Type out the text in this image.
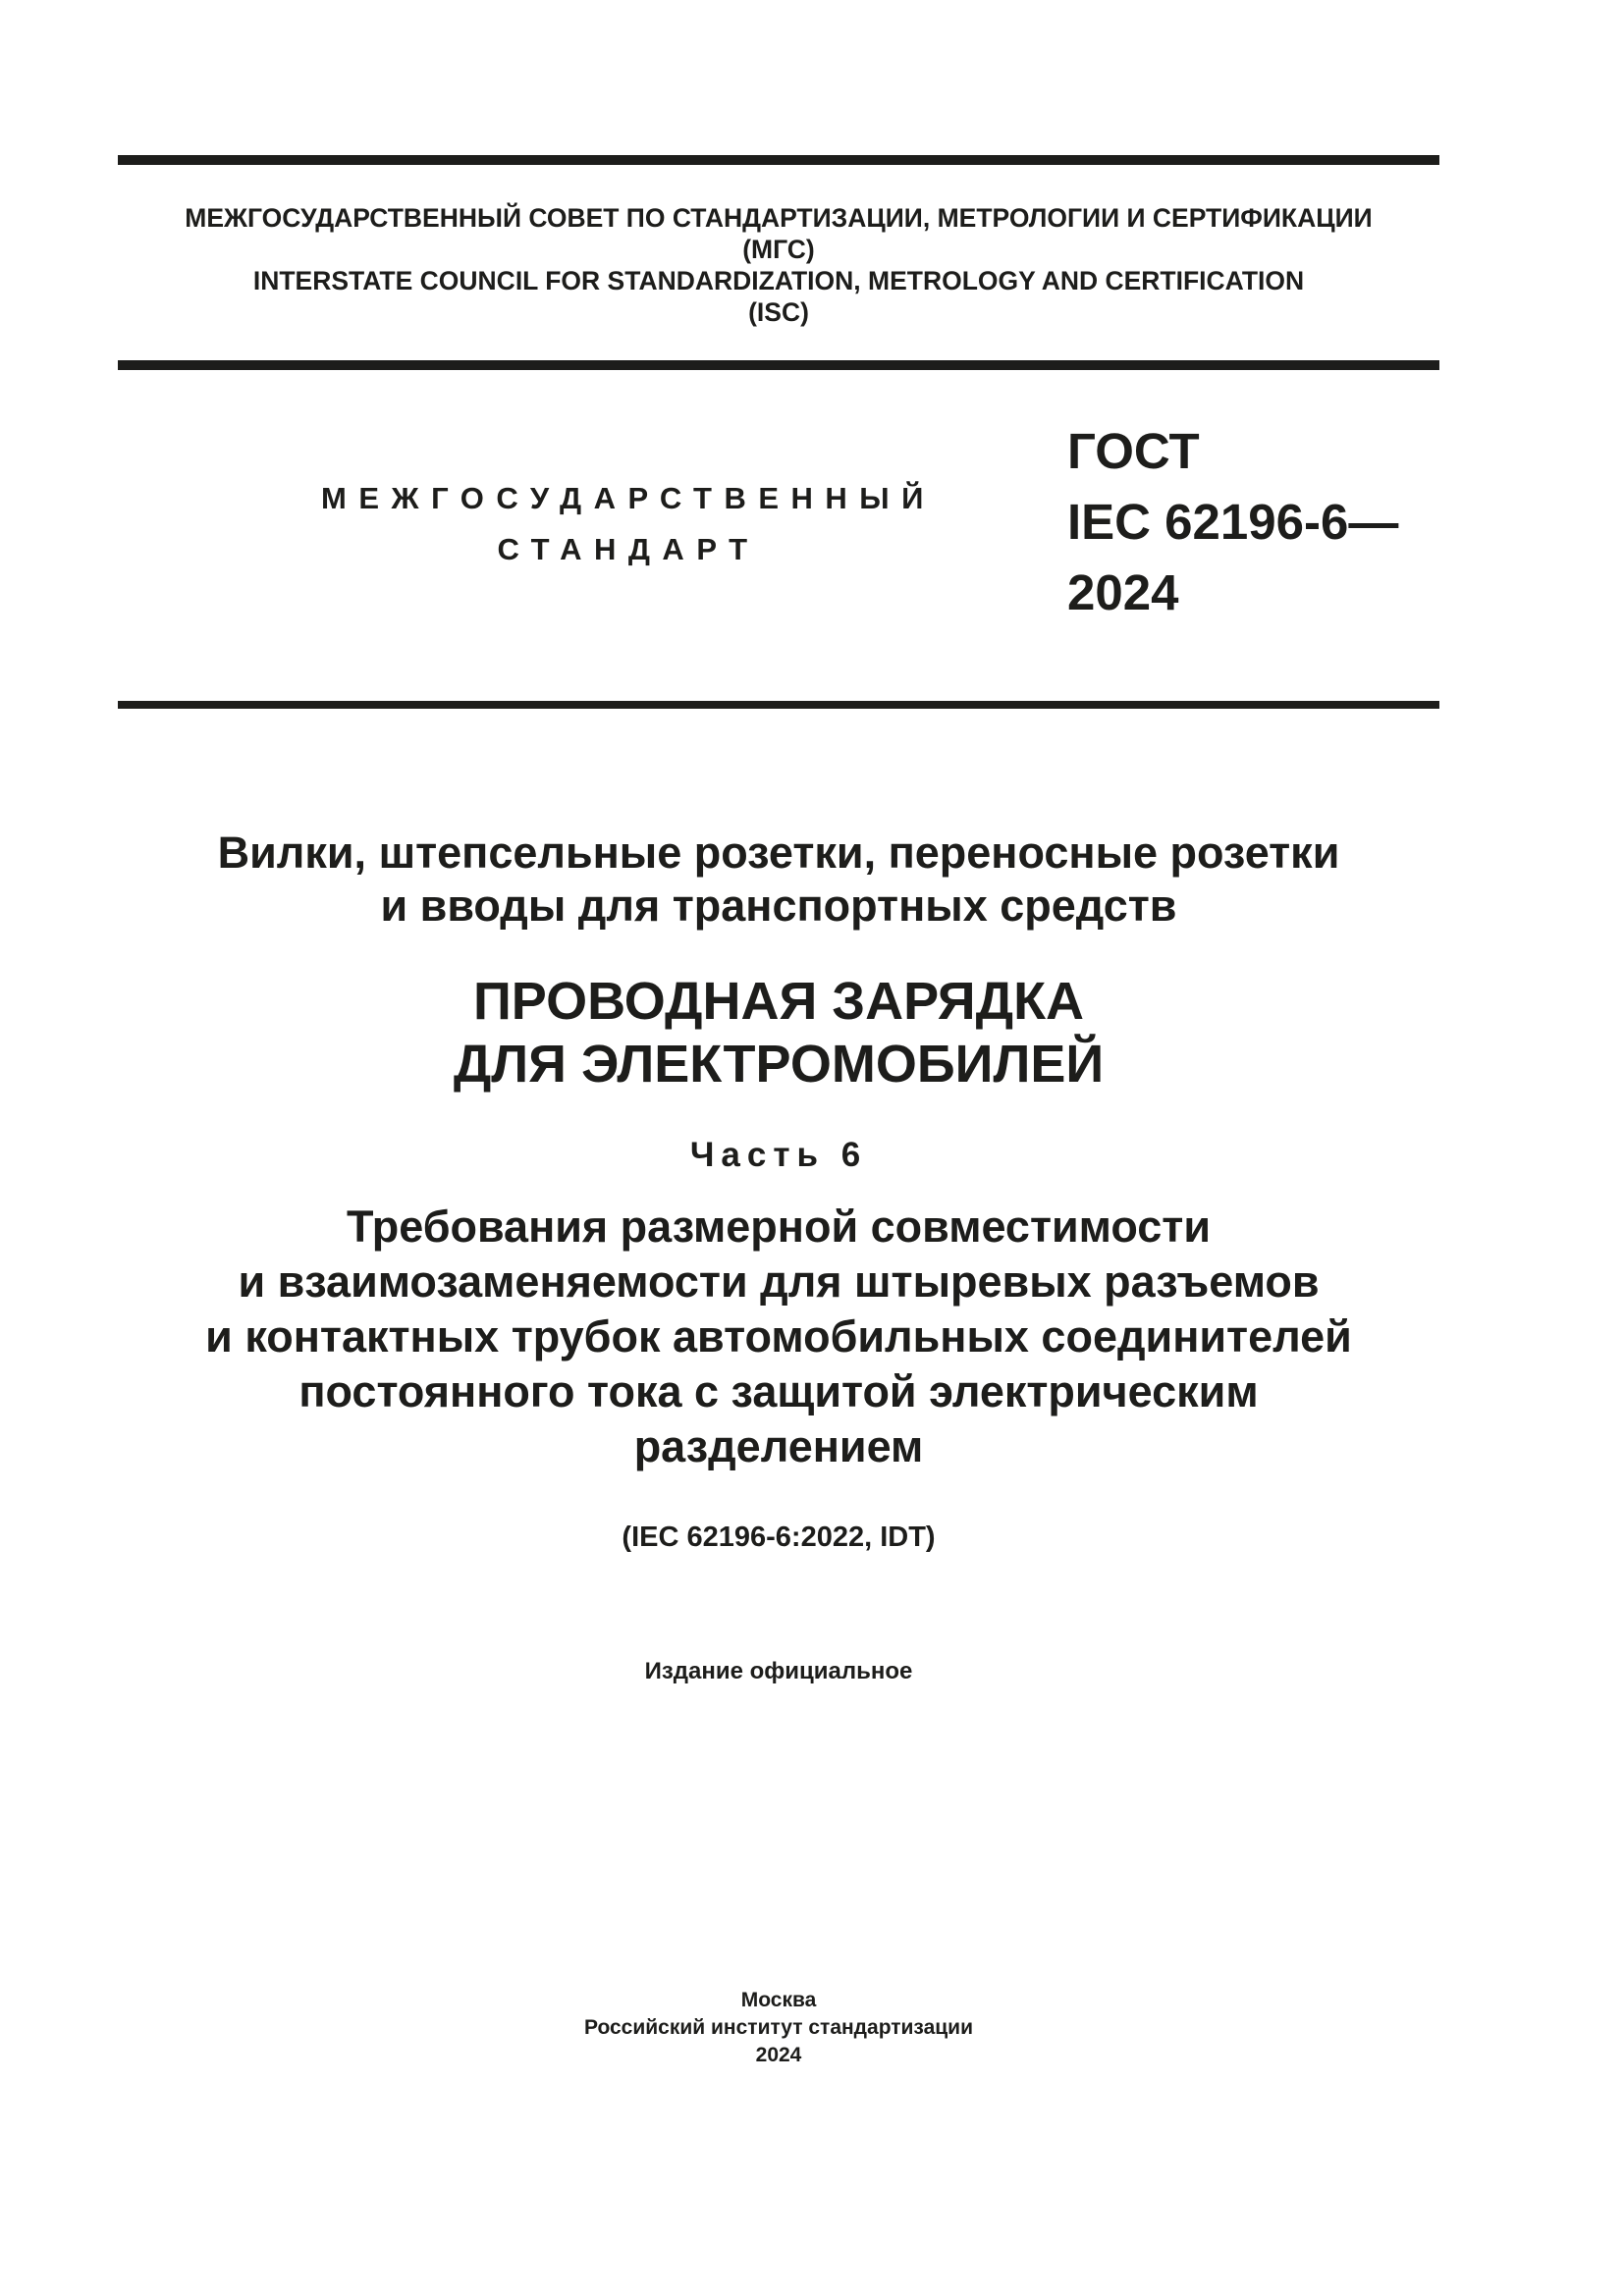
МЕЖГОСУДАРСТВЕННЫЙ СОВЕТ ПО СТАНДАРТИЗАЦИИ, МЕТРОЛОГИИ И СЕРТИФИКАЦИИ
(МГС)
INTERSTATE COUNCIL FOR STANDARDIZATION, METROLOGY AND CERTIFICATION
(ISC)
МЕЖГОСУДАРСТВЕННЫЙ
СТАНДАРТ
ГОСТ
IEC 62196-6—
2024
Вилки, штепсельные розетки, переносные розетки
и вводы для транспортных средств
ПРОВОДНАЯ ЗАРЯДКА
ДЛЯ ЭЛЕКТРОМОБИЛЕЙ
Часть 6
Требования размерной совместимости
и взаимозаменяемости для штыревых разъемов
и контактных трубок автомобильных соединителей
постоянного тока с защитой электрическим
разделением
(IEC 62196-6:2022, IDT)
Издание официальное
Москва
Российский институт стандартизации
2024
